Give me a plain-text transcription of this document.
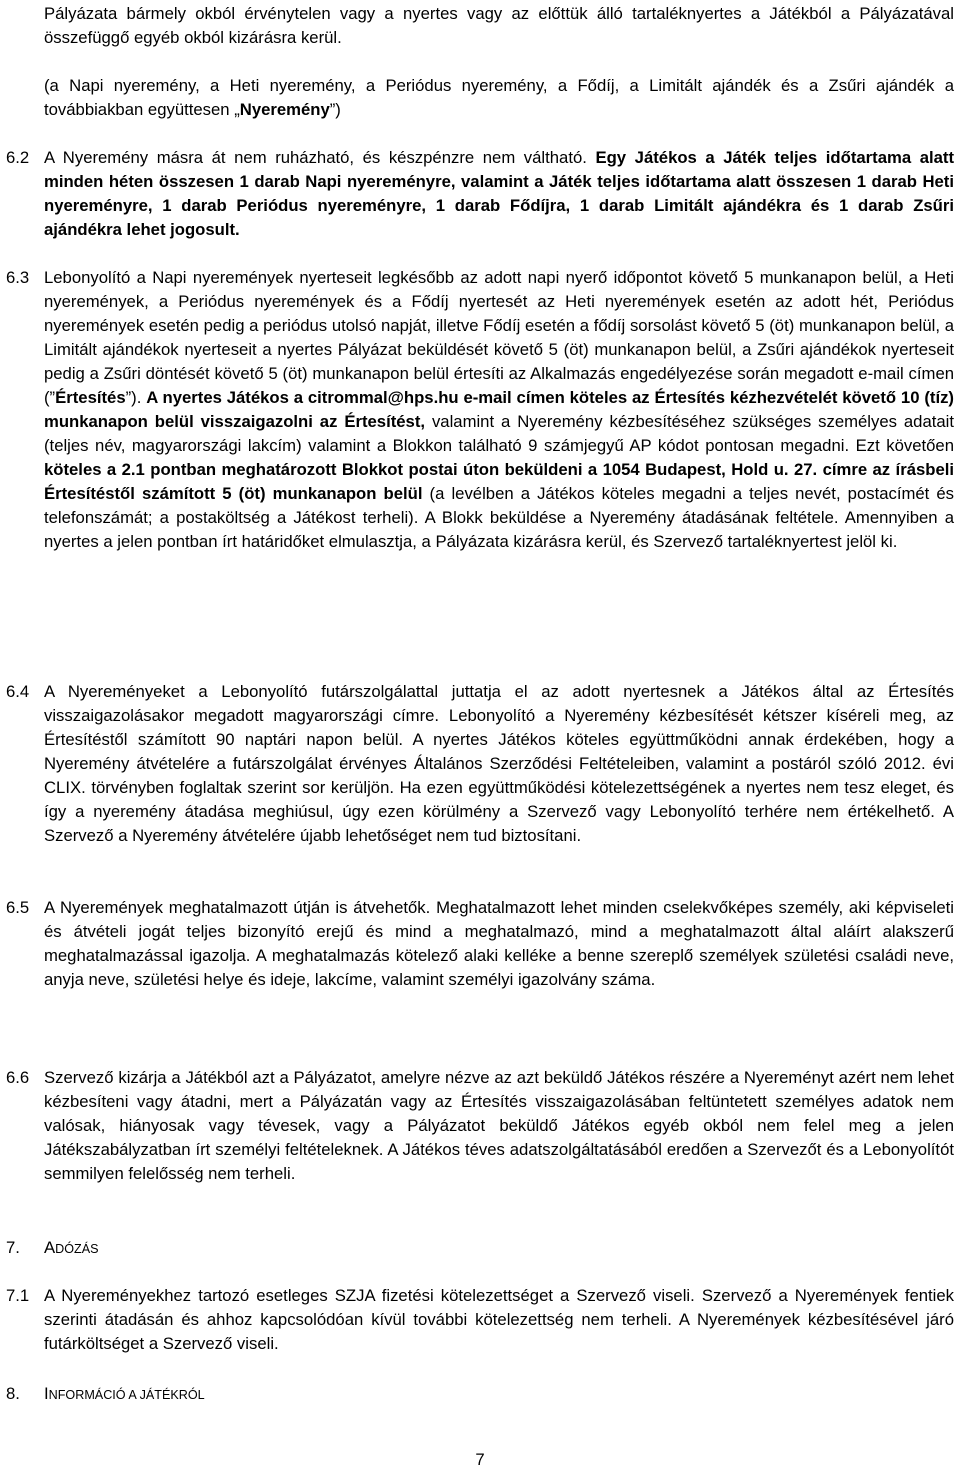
Pályázata bármely okból érvénytelen vagy a nyertes vagy az előttük álló tartaléknyertes a Játékból a Pályázatával összefüggő egyéb okból kizárásra kerül.
(a Napi nyeremény, a Heti nyeremény, a Periódus nyeremény, a Fődíj, a Limitált ajándék és a Zsűri ajándék a továbbiakban együttesen „Nyeremény”)
6.2 A Nyeremény másra át nem ruházható, és készpénzre nem váltható. Egy Játékos a Játék teljes időtartama alatt minden héten összesen 1 darab Napi nyereményre, valamint a Játék teljes időtartama alatt összesen 1 darab Heti nyereményre, 1 darab Periódus nyereményre, 1 darab Fődíjra, 1 darab Limitált ajándékra és 1 darab Zsűri ajándékra lehet jogosult.
6.3 Lebonyolító a Napi nyeremények nyerteseit legkésőbb az adott napi nyerő időpontot követő 5 munkanapon belül, a Heti nyeremények, a Periódus nyeremények és a Fődíj nyertesét az Heti nyeremények esetén az adott hét, Periódus nyeremények esetén pedig a periódus utolsó napját, illetve Fődíj esetén a fődíj sorsolást követő 5 (öt) munkanapon belül, a Limitált ajándékok nyerteseit a nyertes Pályázat beküldését követő 5 (öt) munkanapon belül, a Zsűri ajándékok nyerteseit pedig a Zsűri döntését követő 5 (öt) munkanapon belül értesíti az Alkalmazás engedélyezése során megadott e-mail címen (”Értesítés”). A nyertes Játékos a citrommal@hps.hu e-mail címen köteles az Értesítés kézhezvételét követő 10 (tíz) munkanapon belül visszaigazolni az Értesítést, valamint a Nyeremény kézbesítéséhez szükséges személyes adatait (teljes név, magyarországi lakcím) valamint a Blokkon található 9 számjegyű AP kódot pontosan megadni. Ezt követően köteles a 2.1 pontban meghatározott Blokkot postai úton beküldeni a 1054 Budapest, Hold u. 27. címre az írásbeli Értesítéstől számított 5 (öt) munkanapon belül (a levélben a Játékos köteles megadni a teljes nevét, postacímét és telefonszámát; a postaköltség a Játékost terheli). A Blokk beküldése a Nyeremény átadásának feltétele. Amennyiben a nyertes a jelen pontban írt határidőket elmulasztja, a Pályázata kizárásra kerül, és Szervező tartaléknyertest jelöl ki.
6.4 A Nyereményeket a Lebonyolító futárszolgálattal juttatja el az adott nyertesnek a Játékos által az Értesítés visszaigazolásakor megadott magyarországi címre. Lebonyolító a Nyeremény kézbesítését kétszer kíséreli meg, az Értesítéstől számított 90 naptári napon belül. A nyertes Játékos köteles együttműködni annak érdekében, hogy a Nyeremény átvételére a futárszolgálat érvényes Általános Szerződési Feltételeiben, valamint a postáról szóló 2012. évi CLIX. törvényben foglaltak szerint sor kerüljön. Ha ezen együttműködési kötelezettségének a nyertes nem tesz eleget, és így a nyeremény átadása meghiúsul, úgy ezen körülmény a Szervező vagy Lebonyolító terhére nem értékelhető. A Szervező a Nyeremény átvételére újabb lehetőséget nem tud biztosítani.
6.5 A Nyeremények meghatalmazott útján is átvehetők. Meghatalmazott lehet minden cselekvőképes személy, aki képviseleti és átvételi jogát teljes bizonyító erejű és mind a meghatalmazó, mind a meghatalmazott által aláírt alakszerű meghatalmazással igazolja. A meghatalmazás kötelező alaki kelléke a benne szereplő személyek születési családi neve, anyja neve, születési helye és ideje, lakcíme, valamint személyi igazolvány száma.
6.6 Szervező kizárja a Játékból azt a Pályázatot, amelyre nézve az azt beküldő Játékos részére a Nyereményt azért nem lehet kézbesíteni vagy átadni, mert a Pályázatán vagy az Értesítés visszaigazolásában feltüntetett személyes adatok nem valósak, hiányosak vagy tévesek, vagy a Pályázatot beküldő Játékos egyéb okból nem felel meg a jelen Játékszabályzatban írt személyi feltételeknek. A Játékos téves adatszolgáltatásából eredően a Szervezőt és a Lebonyolítót semmilyen felelősség nem terheli.
7.	ADÓZÁS
7.1 A Nyereményekhez tartozó esetleges SZJA fizetési kötelezettséget a Szervező viseli. Szervező a Nyeremények fentiek szerinti átadásán és ahhoz kapcsolódóan kívül további kötelezettség nem terheli. A Nyeremények kézbesítésével járó futárköltséget a Szervező viseli.
8.	INFORMÁCIÓ A JÁTÉKRÓL
7
